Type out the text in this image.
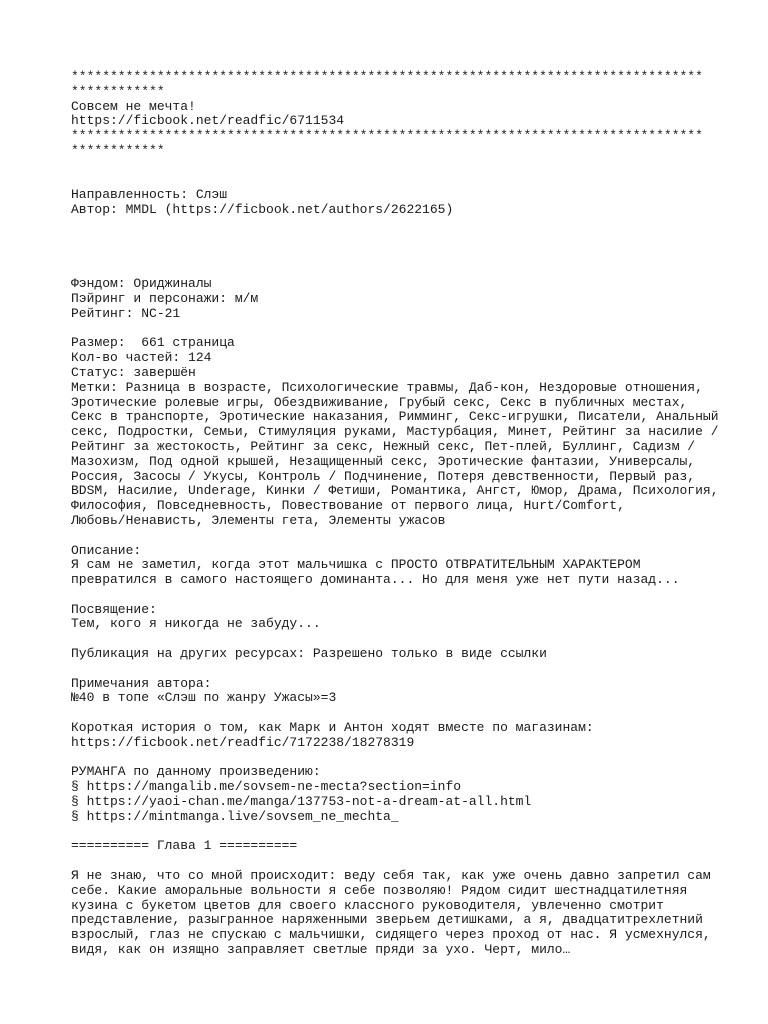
*********************************************************************************
************
Совсем не мечта!
https://ficbook.net/readfic/6711534
*********************************************************************************
************
Направленность: Слэш
Автор: MMDL (https://ficbook.net/authors/2622165)
Фэндом: Ориджиналы
Пэйринг и персонажи: м/м
Рейтинг: NC-21
Размер:  661 страница
Кол-во частей: 124
Статус: завершён
Метки: Разница в возрасте, Психологические травмы, Даб-кон, Нездоровые отношения,
Эротические ролевые игры, Обездвиживание, Грубый секс, Секс в публичных местах,
Секс в транспорте, Эротические наказания, Римминг, Секс-игрушки, Писатели, Анальный
секс, Подростки, Семьи, Стимуляция руками, Мастурбация, Минет, Рейтинг за насилие /
Рейтинг за жестокость, Рейтинг за секс, Нежный секс, Пет-плей, Буллинг, Садизм /
Мазохизм, Под одной крышей, Незащищенный секс, Эротические фантазии, Универсалы,
Россия, Засосы / Укусы, Контроль / Подчинение, Потеря девственности, Первый раз,
BDSM, Насилие, Underage, Кинки / Фетиши, Романтика, Ангст, Юмор, Драма, Психология,
Философия, Повседневность, Повествование от первого лица, Hurt/Comfort,
Любовь/Ненависть, Элементы гета, Элементы ужасов
Описание:
Я сам не заметил, когда этот мальчишка с ПРОСТО ОТВРАТИТЕЛЬНЫМ ХАРАКТЕРОМ
превратился в самого настоящего доминанта... Но для меня уже нет пути назад...
Посвящение:
Тем, кого я никогда не забуду...
Публикация на других ресурсах: Разрешено только в виде ссылки
Примечания автора:
№40 в топе «Слэш по жанру Ужасы»=3
Короткая история о том, как Марк и Антон ходят вместе по магазинам:
https://ficbook.net/readfic/7172238/18278319
РУМАНГА по данному произведению:
§ https://mangalib.me/sovsem-ne-mecta?section=info
§ https://yaoi-chan.me/manga/137753-not-a-dream-at-all.html
§ https://mintmanga.live/sovsem_ne_mechta_
========== Глава 1 ==========
Я не знаю, что со мной происходит: веду себя так, как уже очень давно запретил сам
себе. Какие аморальные вольности я себе позволяю! Рядом сидит шестнадцатилетняя
кузина с букетом цветов для своего классного руководителя, увлеченно смотрит
представление, разыгранное наряженными зверьем детишками, а я, двадцатитрехлетний
взрослый, глаз не спускаю с мальчишки, сидящего через проход от нас. Я усмехнулся,
видя, как он изящно заправляет светлые пряди за ухо. Черт, мило…
